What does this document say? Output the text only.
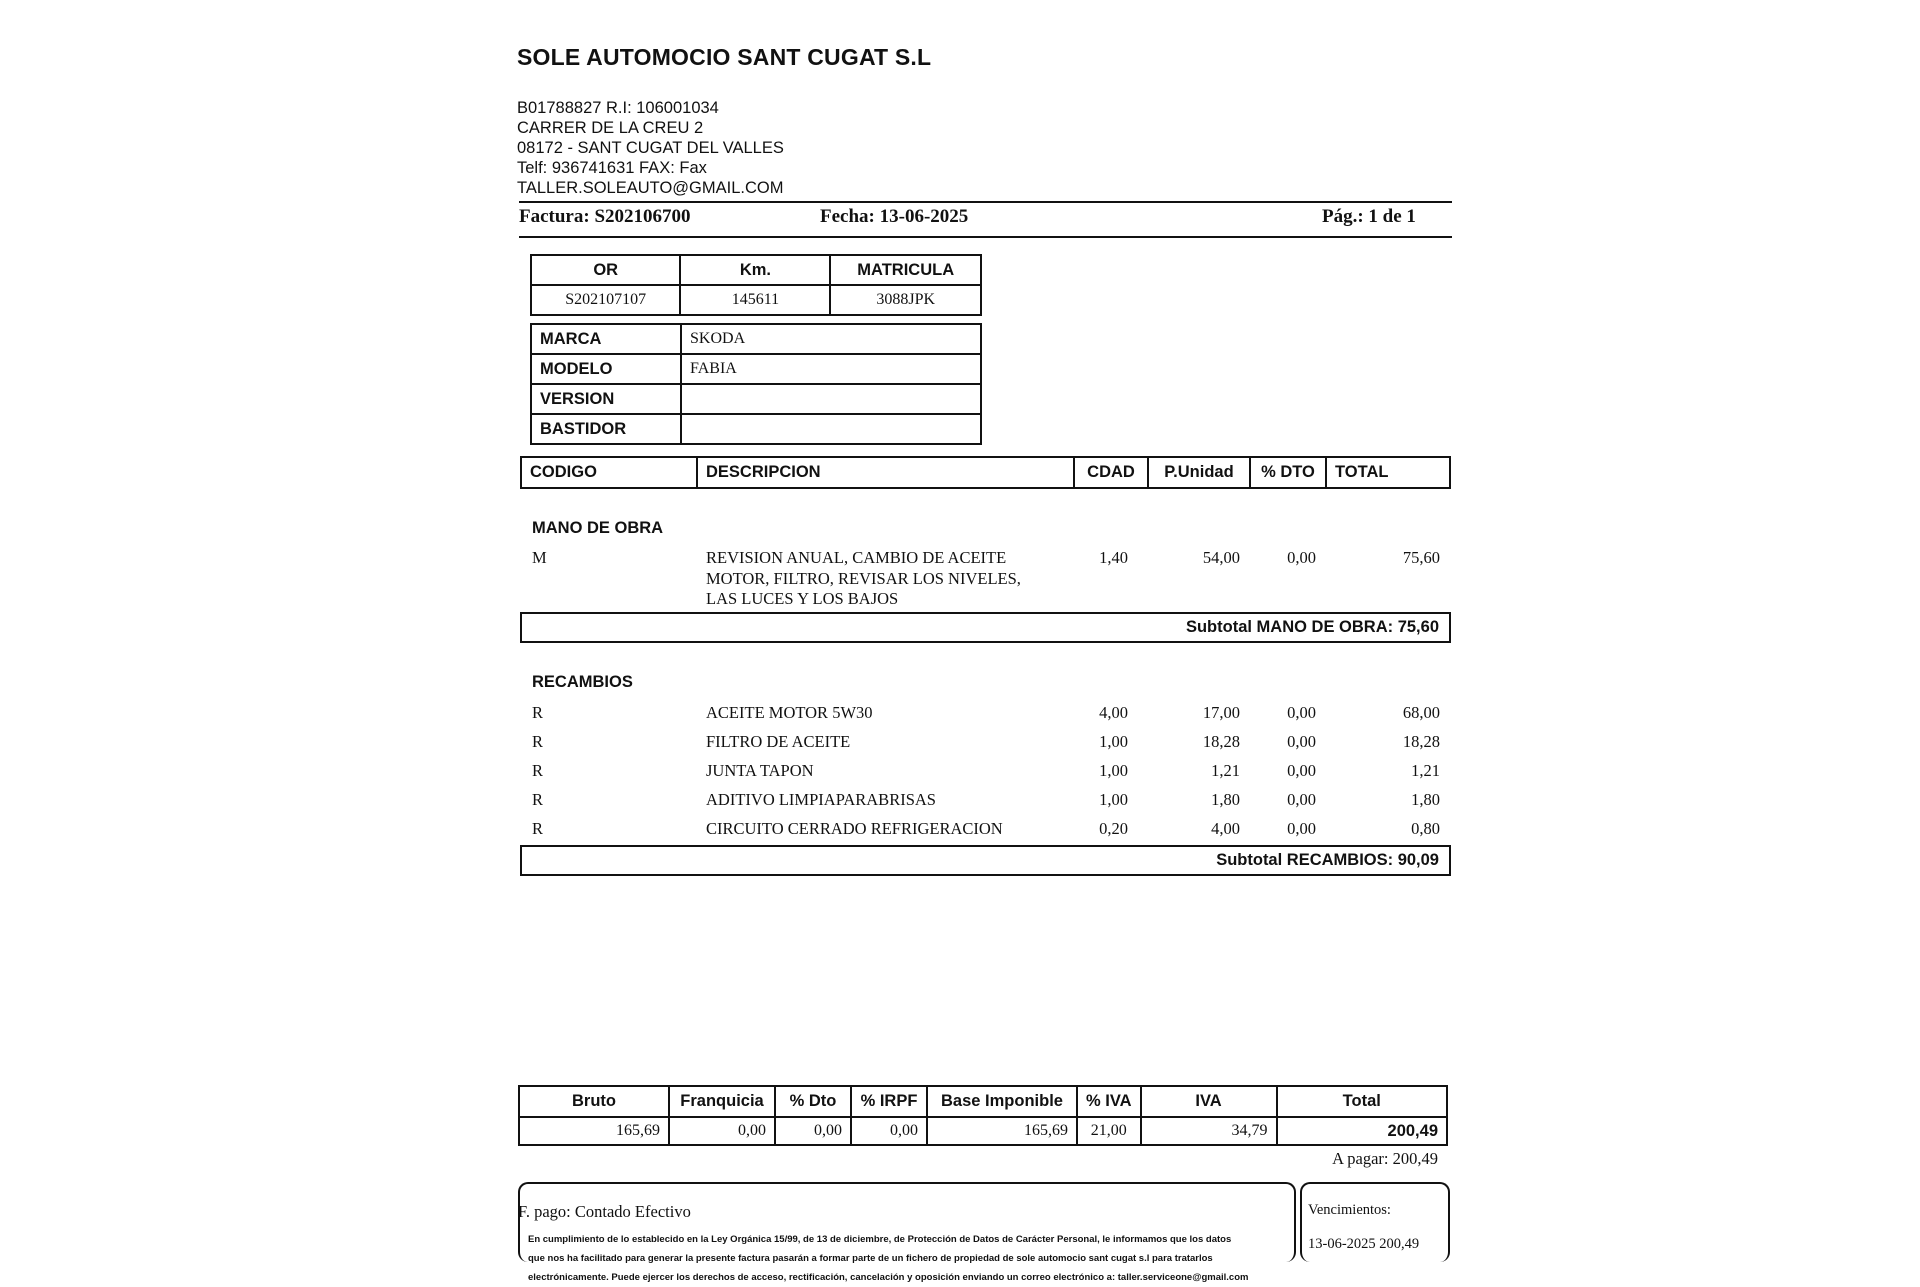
SOLE AUTOMOCIO SANT CUGAT S.L
B01788827 R.I: 106001034
CARRER DE LA CREU 2
08172 - SANT CUGAT DEL VALLES
Telf: 936741631 FAX: Fax
TALLER.SOLEAUTO@GMAIL.COM
Factura: S202106700	Fecha: 13-06-2025	Pág.: 1 de 1
OR	Km.	MATRICULA
S202107107	145611	3088JPK
MARCA	SKODA
MODELO	FABIA
VERSION	
BASTIDOR	
CODIGO	DESCRIPCION	CDAD	P.Unidad	% DTO	TOTAL
MANO DE OBRA
M	REVISION ANUAL, CAMBIO DE ACEITE
MOTOR, FILTRO, REVISAR LOS NIVELES,
LAS LUCES Y LOS BAJOS
1,40	54,00	0,00	75,60
Subtotal MANO DE OBRA: 75,60
RECAMBIOS
R	ACEITE MOTOR 5W30	4,00	17,00	0,00	68,00
R	FILTRO DE ACEITE	1,00	18,28	0,00	18,28
R	JUNTA TAPON	1,00	1,21	0,00	1,21
R	ADITIVO LIMPIAPARABRISAS	1,00	1,80	0,00	1,80
R	CIRCUITO CERRADO REFRIGERACION	0,20	4,00	0,00	0,80
Subtotal RECAMBIOS: 90,09
Bruto	Franquicia	% Dto	% IRPF	Base Imponible	% IVA	IVA	Total
165,69	0,00	0,00	0,00	165,69	21,00	34,79	200,49
A pagar: 200,49
F. pago: Contado Efectivo
En cumplimiento de lo establecido en la Ley Orgánica 15/99, de 13 de diciembre, de Protección de Datos de Carácter Personal, le informamos que los datos
que nos ha facilitado para generar la presente factura pasarán a formar parte de un fichero de propiedad de sole automocio sant cugat s.l para tratarlos
electrónicamente. Puede ejercer los derechos de acceso, rectificación, cancelación y oposición enviando un correo electrónico a: taller.serviceone@gmail.com
Vencimientos:
13-06-2025 200,49
